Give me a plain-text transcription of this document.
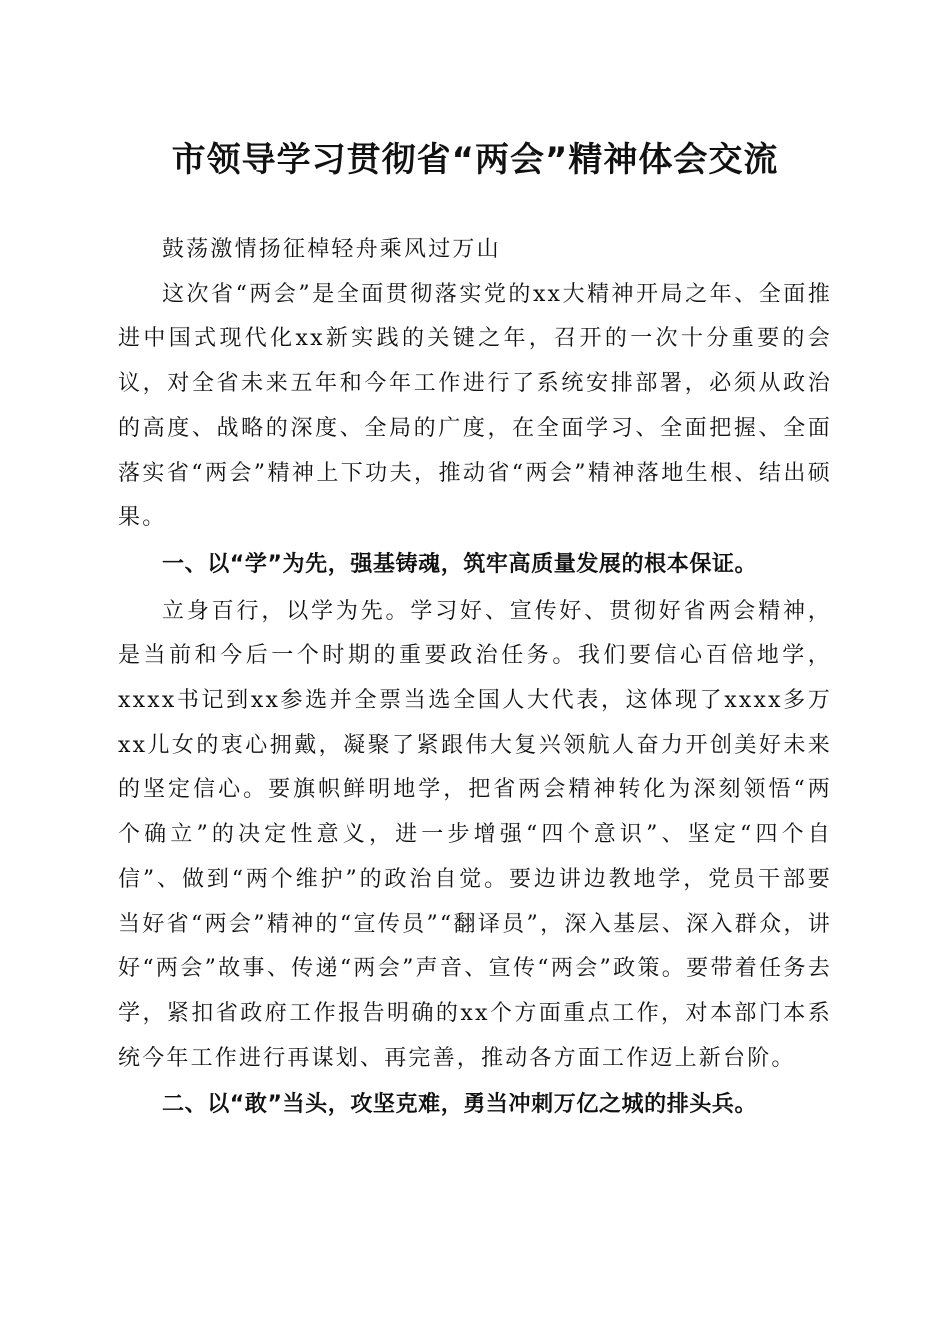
市领导学习贯彻省“两会”精神体会交流

鼓荡激情扬征棹轻舟乘风过万山

这次省“两会”是全面贯彻落实党的xx大精神开局之年、全面推进中国式现代化xx新实践的关键之年，召开的一次十分重要的会议，对全省未来五年和今年工作进行了系统安排部署，必须从政治的高度、战略的深度、全局的广度，在全面学习、全面把握、全面落实省“两会”精神上下功夫，推动省“两会”精神落地生根、结出硕果。

一、以“学”为先，强基铸魂，筑牢高质量发展的根本保证。

立身百行，以学为先。学习好、宣传好、贯彻好省两会精神，是当前和今后一个时期的重要政治任务。我们要信心百倍地学，xxxx书记到xx参选并全票当选全国人大代表，这体现了xxxx多万xx儿女的衷心拥戴，凝聚了紧跟伟大复兴领航人奋力开创美好未来的坚定信心。要旗帜鲜明地学，把省两会精神转化为深刻领悟“两个确立”的决定性意义，进一步增强“四个意识”、坚定“四个自信”、做到“两个维护”的政治自觉。要边讲边教地学，党员干部要当好省“两会”精神的“宣传员”“翻译员”，深入基层、深入群众，讲好“两会”故事、传递“两会”声音、宣传“两会”政策。要带着任务去学，紧扣省政府工作报告明确的xx个方面重点工作，对本部门本系统今年工作进行再谋划、再完善，推动各方面工作迈上新台阶。

二、以“敢”当头，攻坚克难，勇当冲刺万亿之城的排头兵。
